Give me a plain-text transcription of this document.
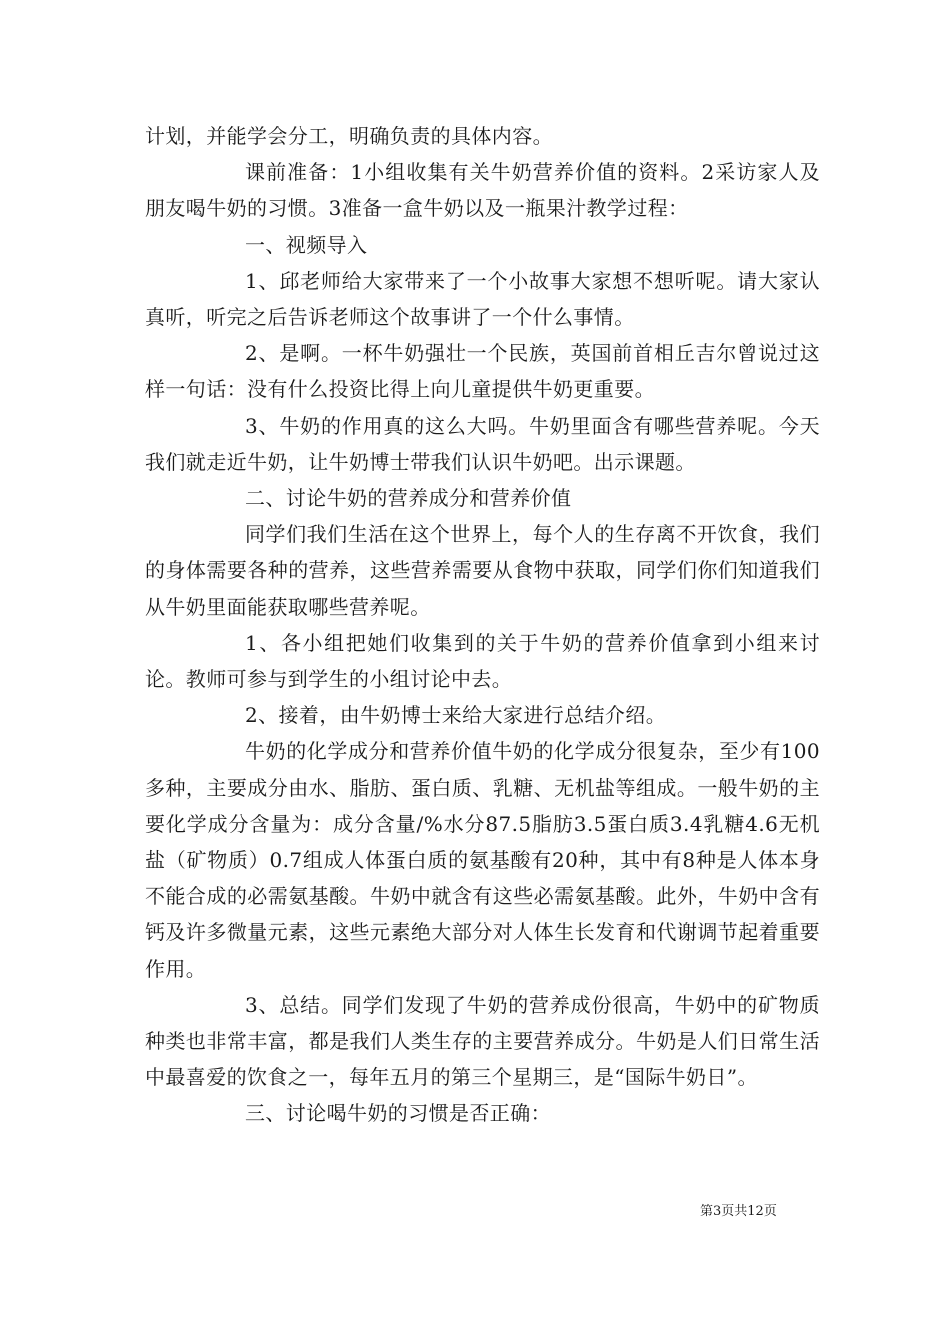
计划，并能学会分工，明确负责的具体内容。

课前准备：1小组收集有关牛奶营养价值的资料。2采访家人及朋友喝牛奶的习惯。3准备一盒牛奶以及一瓶果汁教学过程：

一、视频导入

1、邱老师给大家带来了一个小故事大家想不想听呢。请大家认真听，听完之后告诉老师这个故事讲了一个什么事情。

2、是啊。一杯牛奶强壮一个民族，英国前首相丘吉尔曾说过这样一句话：没有什么投资比得上向儿童提供牛奶更重要。

3、牛奶的作用真的这么大吗。牛奶里面含有哪些营养呢。今天我们就走近牛奶，让牛奶博士带我们认识牛奶吧。出示课题。

二、讨论牛奶的营养成分和营养价值

同学们我们生活在这个世界上，每个人的生存离不开饮食，我们的身体需要各种的营养，这些营养需要从食物中获取，同学们你们知道我们从牛奶里面能获取哪些营养呢。

1、各小组把她们收集到的关于牛奶的营养价值拿到小组来讨论。教师可参与到学生的小组讨论中去。

2、接着，由牛奶博士来给大家进行总结介绍。

牛奶的化学成分和营养价值牛奶的化学成分很复杂，至少有100多种，主要成分由水、脂肪、蛋白质、乳糖、无机盐等组成。一般牛奶的主要化学成分含量为：成分含量/%水分87.5脂肪3.5蛋白质3.4乳糖4.6无机盐（矿物质）0.7组成人体蛋白质的氨基酸有20种，其中有8种是人体本身不能合成的必需氨基酸。牛奶中就含有这些必需氨基酸。此外，牛奶中含有钙及许多微量元素，这些元素绝大部分对人体生长发育和代谢调节起着重要作用。

3、总结。同学们发现了牛奶的营养成份很高，牛奶中的矿物质种类也非常丰富，都是我们人类生存的主要营养成分。牛奶是人们日常生活中最喜爱的饮食之一，每年五月的第三个星期三，是“国际牛奶日”。

三、讨论喝牛奶的习惯是否正确：

第3页共12页
